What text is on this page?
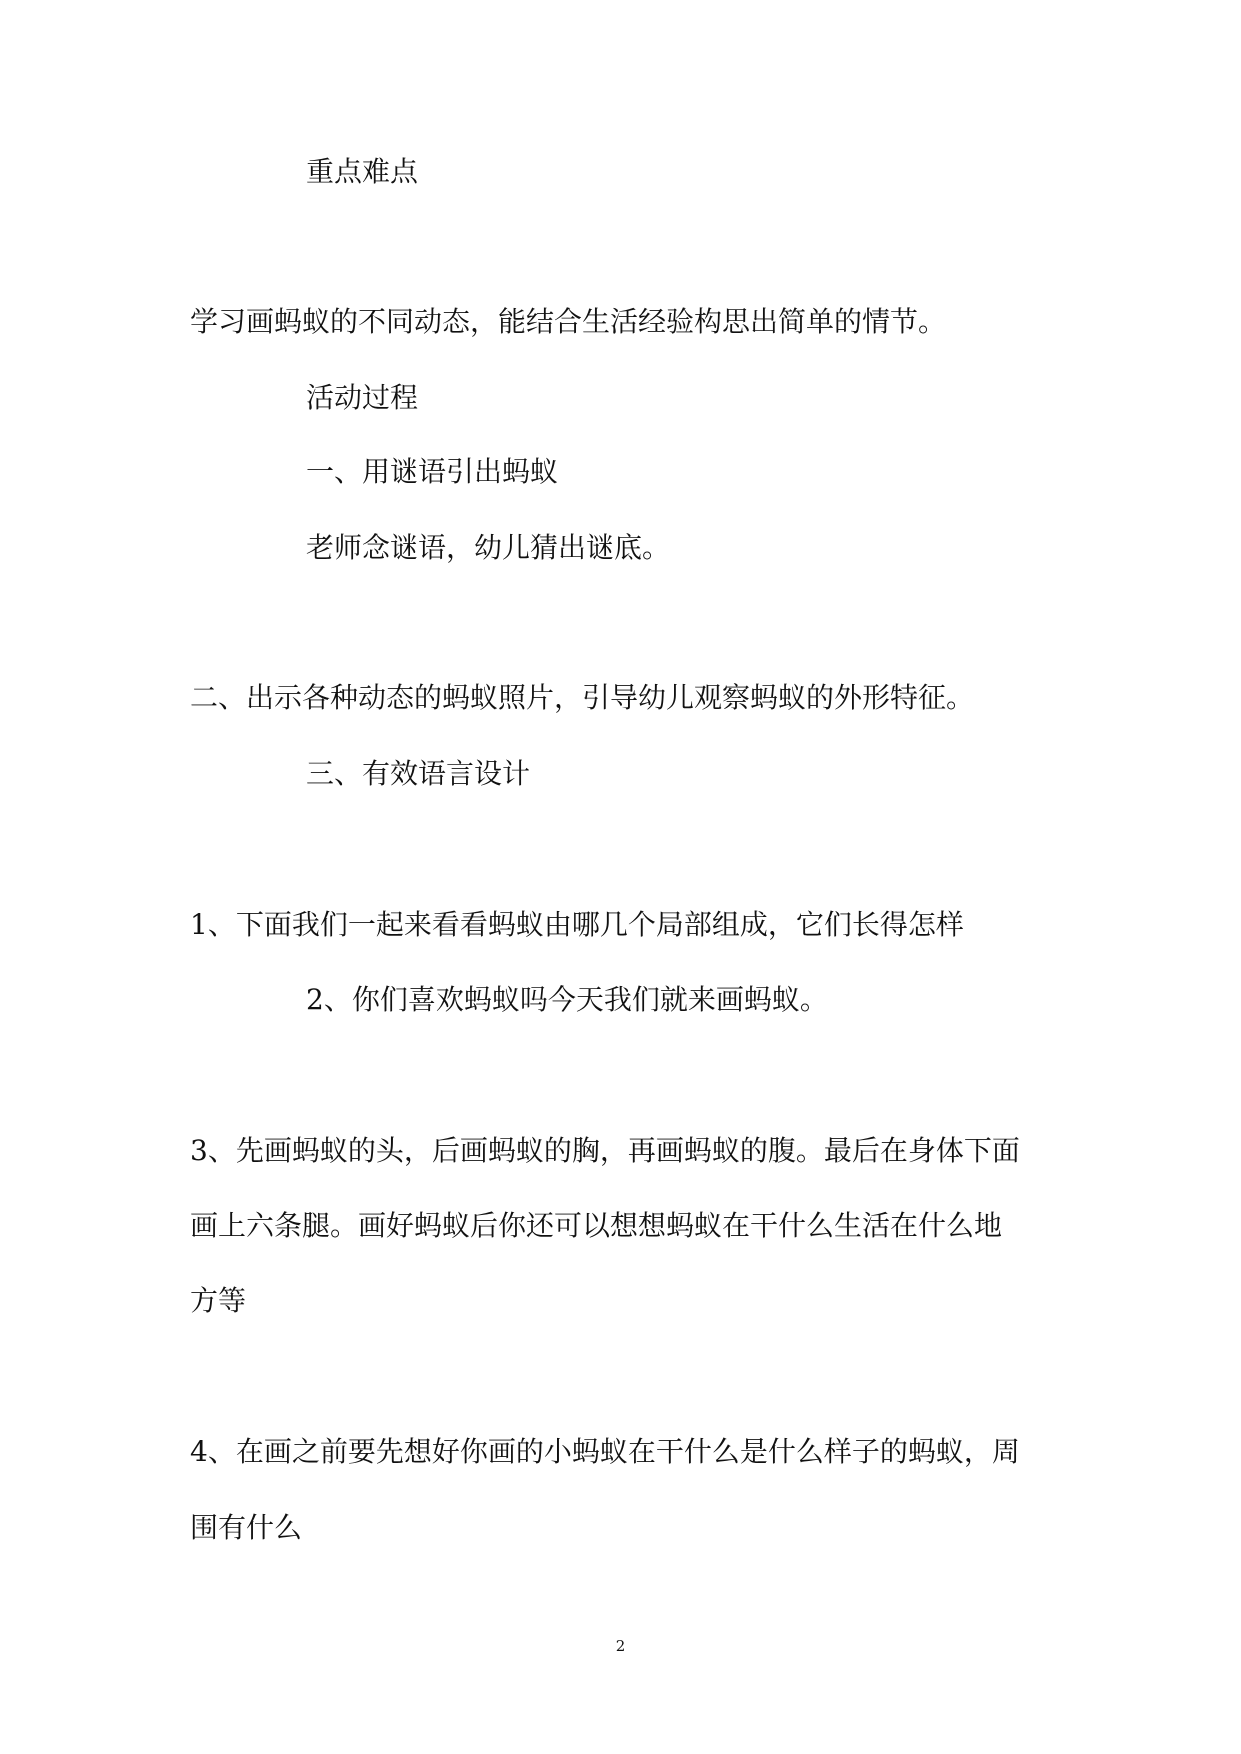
重点难点
学习画蚂蚁的不同动态，能结合生活经验构思出简单的情节。
活动过程
一、用谜语引出蚂蚁
老师念谜语，幼儿猜出谜底。
二、出示各种动态的蚂蚁照片，引导幼儿观察蚂蚁的外形特征。
三、有效语言设计
1、下面我们一起来看看蚂蚁由哪几个局部组成，它们长得怎样
2、你们喜欢蚂蚁吗今天我们就来画蚂蚁。
3、先画蚂蚁的头，后画蚂蚁的胸，再画蚂蚁的腹。最后在身体下面
画上六条腿。画好蚂蚁后你还可以想想蚂蚁在干什么生活在什么地
方等
4、在画之前要先想好你画的小蚂蚁在干什么是什么样子的蚂蚁，周
围有什么
2
